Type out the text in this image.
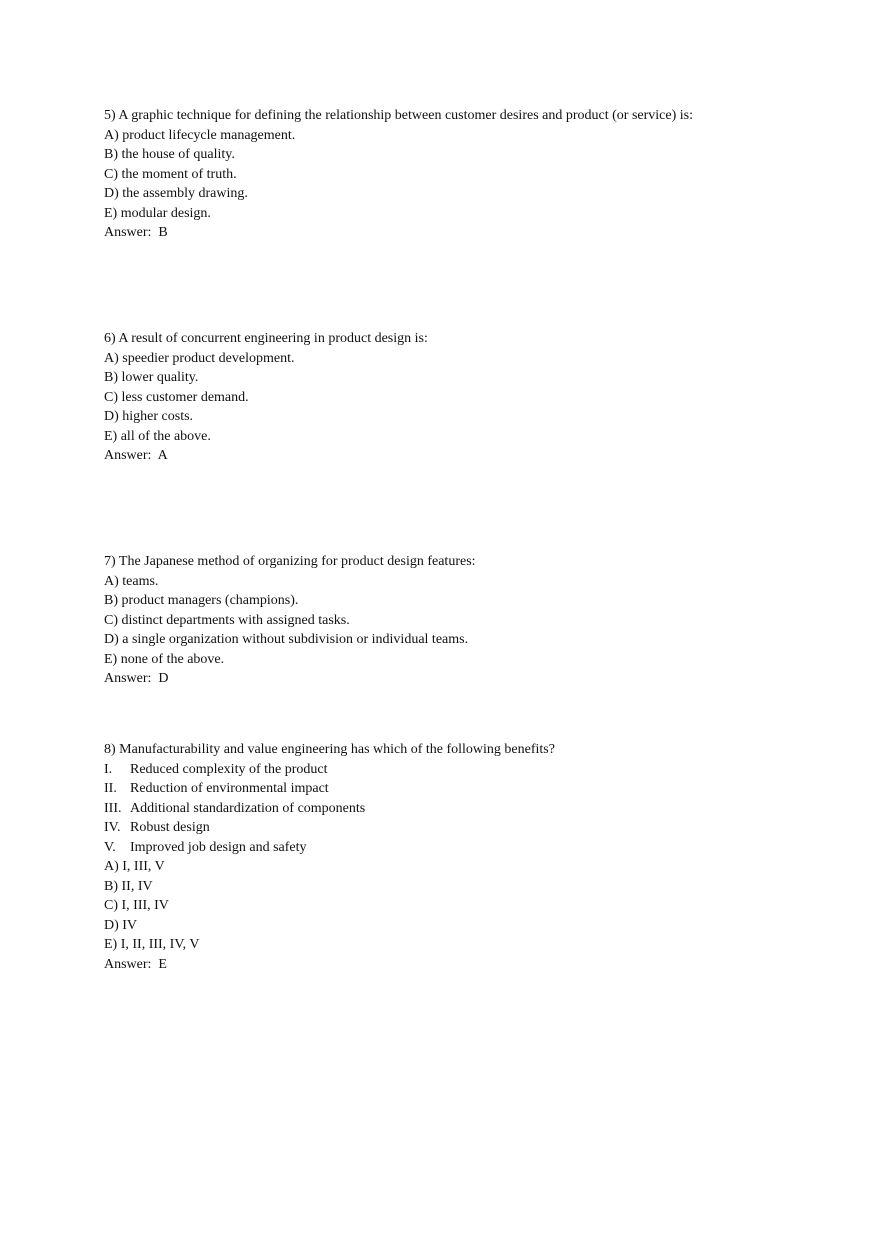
5) A graphic technique for defining the relationship between customer desires and product (or service) is:
A) product lifecycle management.
B) the house of quality.
C) the moment of truth.
D) the assembly drawing.
E) modular design.
Answer:  B
6) A result of concurrent engineering in product design is:
A) speedier product development.
B) lower quality.
C) less customer demand.
D) higher costs.
E) all of the above.
Answer:  A
7) The Japanese method of organizing for product design features:
A) teams.
B) product managers (champions).
C) distinct departments with assigned tasks.
D) a single organization without subdivision or individual teams.
E) none of the above.
Answer:  D
8) Manufacturability and value engineering has which of the following benefits?
I. Reduced complexity of the product
II. Reduction of environmental impact
III. Additional standardization of components
IV. Robust design
V. Improved job design and safety
A) I, III, V
B) II, IV
C) I, III, IV
D) IV
E) I, II, III, IV, V
Answer:  E
